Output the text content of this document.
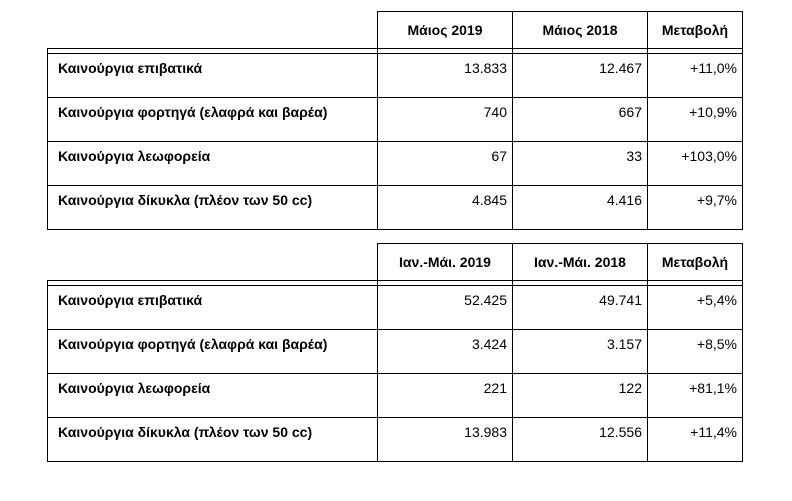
	Μάιος 2019	Μάιος 2018	Μεταβολή

Καινούργια επιβατικά	13.833	12.467	+11,0%
Καινούργια φορτηγά (ελαφρά και βαρέα)	740	667	+10,9%
Καινούργια λεωφορεία	67	33	+103,0%
Καινούργια δίκυκλα (πλέον των 50 cc)	4.845	4.416	+9,7%
	Ιαν.-Μάι. 2019	Ιαν.-Μάι. 2018	Μεταβολή

Καινούργια επιβατικά	52.425	49.741	+5,4%
Καινούργια φορτηγά (ελαφρά και βαρέα)	3.424	3.157	+8,5%
Καινούργια λεωφορεία	221	122	+81,1%
Καινούργια δίκυκλα (πλέον των 50 cc)	13.983	12.556	+11,4%
